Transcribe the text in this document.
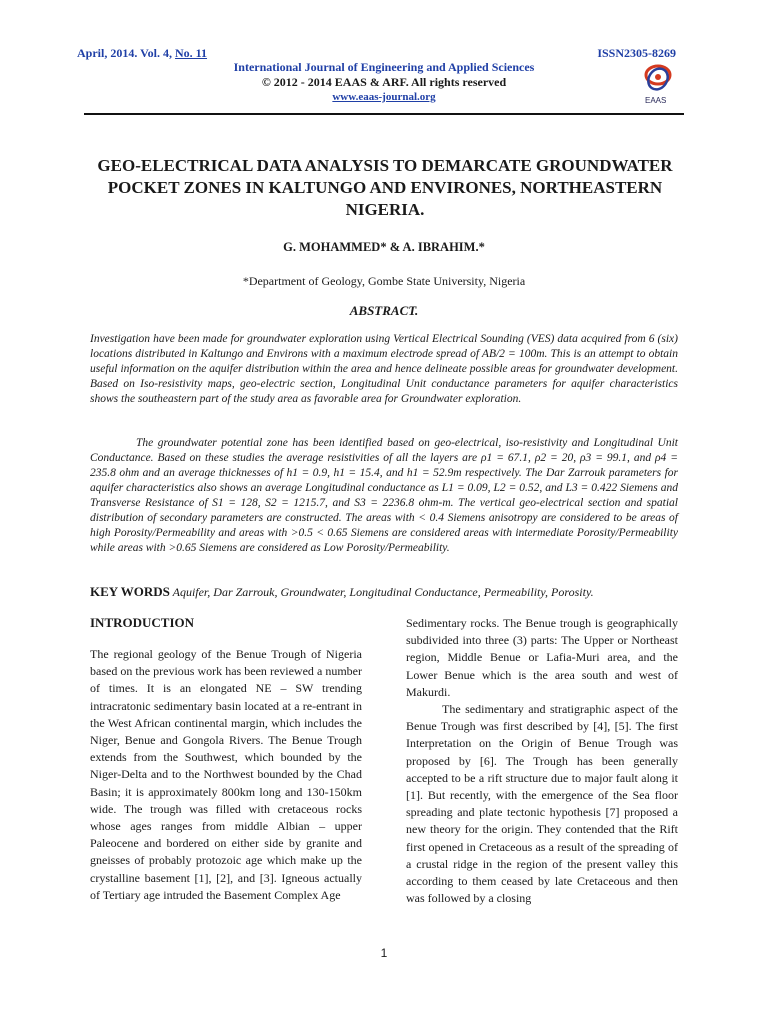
April, 2014. Vol. 4, No. 11	ISSN2305-8269
International Journal of Engineering and Applied Sciences
© 2012 - 2014 EAAS & ARF. All rights reserved
www.eaas-journal.org	EAAS
GEO-ELECTRICAL DATA ANALYSIS TO DEMARCATE GROUNDWATER POCKET ZONES IN KALTUNGO AND ENVIRONES, NORTHEASTERN NIGERIA.
G. MOHAMMED* & A. IBRAHIM.*
*Department of Geology, Gombe State University, Nigeria
ABSTRACT.
Investigation have been made for groundwater exploration using Vertical Electrical Sounding (VES) data acquired from 6 (six) locations distributed in Kaltungo and Environs with a maximum electrode spread of AB/2 = 100m. This is an attempt to obtain useful information on the aquifer distribution within the area and hence delineate possible areas for groundwater development. Based on Iso-resistivity maps, geo-electric section, Longitudinal Unit conductance parameters for aquifer characteristics shows the southeastern part of the study area as favorable area for Groundwater exploration.
The groundwater potential zone has been identified based on geo-electrical, iso-resistivity and Longitudinal Unit Conductance. Based on these studies the average resistivities of all the layers are ρ1 = 67.1, ρ2 = 20, ρ3 = 99.1, and ρ4 = 235.8 ohm and an average thicknesses of h1 = 0.9, h1 = 15.4, and h1 = 52.9m respectively. The Dar Zarrouk parameters for aquifer characteristics also shows an average Longitudinal conductance as L1 = 0.09, L2 = 0.52, and L3 = 0.422 Siemens and Transverse Resistance of S1 = 128, S2 = 1215.7, and S3 = 2236.8 ohm-m. The vertical geo-electrical section and spatial distribution of secondary parameters are constructed. The areas with < 0.4 Siemens anisotropy are considered to be areas of high Porosity/Permeability and areas with >0.5 < 0.65 Siemens are considered areas with intermediate Porosity/Permeability while areas with >0.65 Siemens are considered as Low Porosity/Permeability.
KEY WORDS Aquifer, Dar Zarrouk, Groundwater, Longitudinal Conductance, Permeability, Porosity.
INTRODUCTION

The regional geology of the Benue Trough of Nigeria based on the previous work has been reviewed a number of times. It is an elongated NE – SW trending intracratonic sedimentary basin located at a re-entrant in the West African continental margin, which includes the Niger, Benue and Gongola Rivers. The Benue Trough extends from the Southwest, which bounded by the Niger-Delta and to the Northwest bounded by the Chad Basin; it is approximately 800km long and 130-150km wide. The trough was filled with cretaceous rocks whose ages ranges from middle Albian – upper Paleocene and bordered on either side by granite and gneisses of probably protozoic age which make up the crystalline basement [1], [2], and [3]. Igneous actually of Tertiary age intruded the Basement Complex Age

Sedimentary rocks. The Benue trough is geographically subdivided into three (3) parts: The Upper or Northeast region, Middle Benue or Lafia-Muri area, and the Lower Benue which is the area south and west of Makurdi.

The sedimentary and stratigraphic aspect of the Benue Trough was first described by [4], [5]. The first Interpretation on the Origin of Benue Trough was proposed by [6]. The Trough has been generally accepted to be a rift structure due to major fault along it [1]. But recently, with the emergence of the Sea floor spreading and plate tectonic hypothesis [7] proposed a new theory for the origin. They contended that the Rift first opened in Cretaceous as a result of the spreading of a crustal ridge in the region of the present valley this according to them ceased by late Cretaceous and then was followed by a closing

1
